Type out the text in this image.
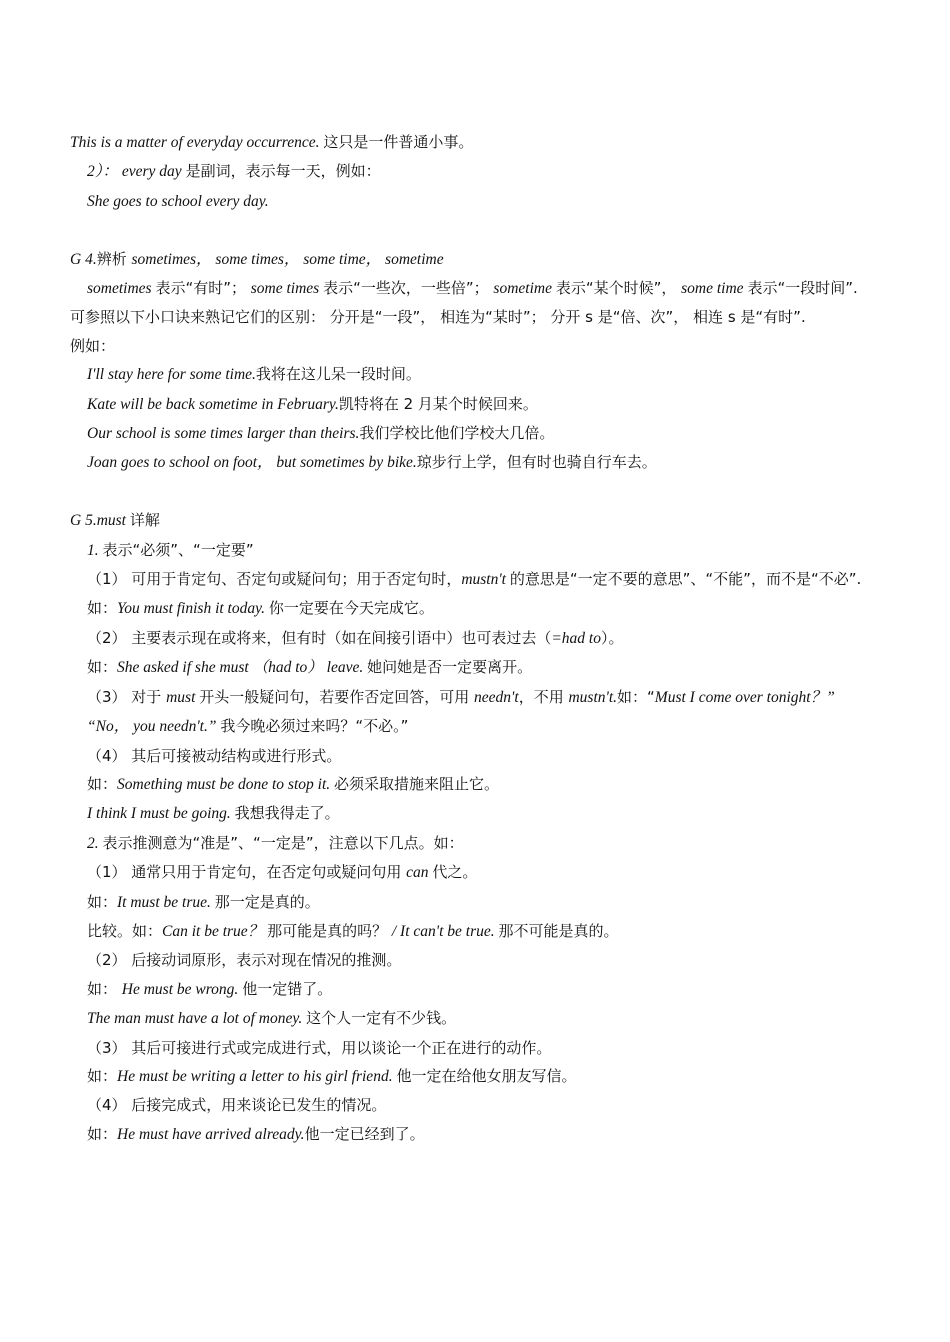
This is a matter of everyday occurrence. 这只是一件普通小事。
2）： every day 是副词，表示每一天，例如：
She goes to school every day.
G 4.辨析 sometimes， some times， some time， sometime
sometimes 表示“有时”； some times 表示“一些次，一些倍”； sometime 表示“某个时候”， some time 表示“一段时间”.
可参照以下小口诀来熟记它们的区别： 分开是“一段”， 相连为“某时”； 分开 s 是“倍、次”， 相连 s 是“有时”.
例如：
I'll stay here for some time.我将在这儿呆一段时间。
Kate will be back sometime in February.凯特将在 2 月某个时候回来。
Our school is some times larger than theirs.我们学校比他们学校大几倍。
Joan goes to school on foot， but sometimes by bike.琼步行上学，但有时也骑自行车去。
G 5.must 详解
1. 表示“必须”、“一定要”
（1） 可用于肯定句、否定句或疑问句；用于否定句时，mustn't 的意思是“一定不要的意思”、“不能”，而不是“不必”.
如：You must finish it today. 你一定要在今天完成它。
（2） 主要表示现在或将来，但有时（如在间接引语中）也可表过去（=had to）。
如：She asked if she must （had to） leave. 她问她是否一定要离开。
（3） 对于 must 开头一般疑问句，若要作否定回答，可用 needn't，不用 mustn't.如：“Must I come over tonight？” “No， you needn't.” 我今晚必须过来吗？“不必。”
（4） 其后可接被动结构或进行形式。
如：Something must be done to stop it. 必须采取措施来阻止它。
I think I must be going. 我想我得走了。
2. 表示推测意为“准是”、“一定是”，注意以下几点。如：
（1） 通常只用于肯定句，在否定句或疑问句用 can 代之。
如：It must be true. 那一定是真的。
比较。如：Can it be true？ 那可能是真的吗？ / It can't be true. 那不可能是真的。
（2） 后接动词原形，表示对现在情况的推测。
如： He must be wrong. 他一定错了。
The man must have a lot of money. 这个人一定有不少钱。
（3） 其后可接进行式或完成进行式，用以谈论一个正在进行的动作。
如：He must be writing a letter to his girl friend. 他一定在给他女朋友写信。
（4） 后接完成式，用来谈论已发生的情况。
如：He must have arrived already.他一定已经到了。
